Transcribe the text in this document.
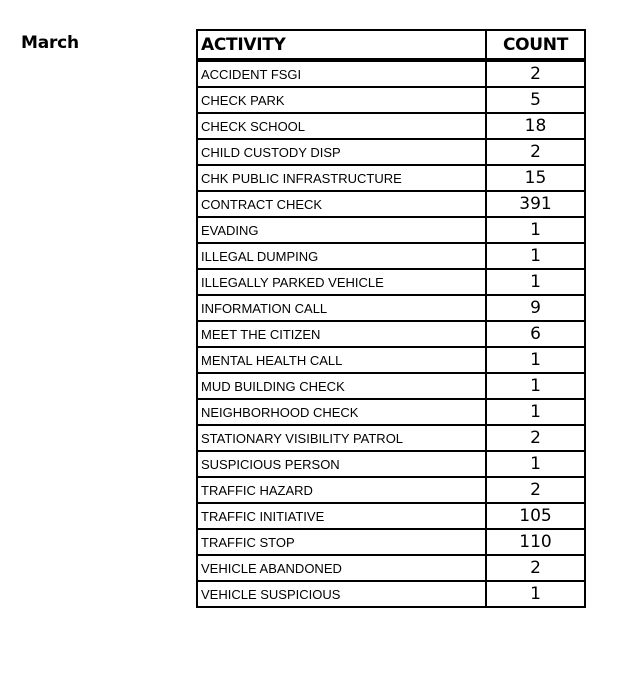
March	ACTIVITY	COUNT
ACCIDENT FSGI	2
CHECK PARK	5
CHECK SCHOOL	18
CHILD CUSTODY DISP	2
CHK PUBLIC INFRASTRUCTURE	15
CONTRACT CHECK	391
EVADING	1
ILLEGAL DUMPING	1
ILLEGALLY PARKED VEHICLE	1
INFORMATION CALL	9
MEET THE CITIZEN	6
MENTAL HEALTH CALL	1
MUD BUILDING CHECK	1
NEIGHBORHOOD CHECK	1
STATIONARY VISIBILITY PATROL	2
SUSPICIOUS PERSON	1
TRAFFIC HAZARD	2
TRAFFIC INITIATIVE	105
TRAFFIC STOP	110
VEHICLE ABANDONED	2
VEHICLE SUSPICIOUS	1
